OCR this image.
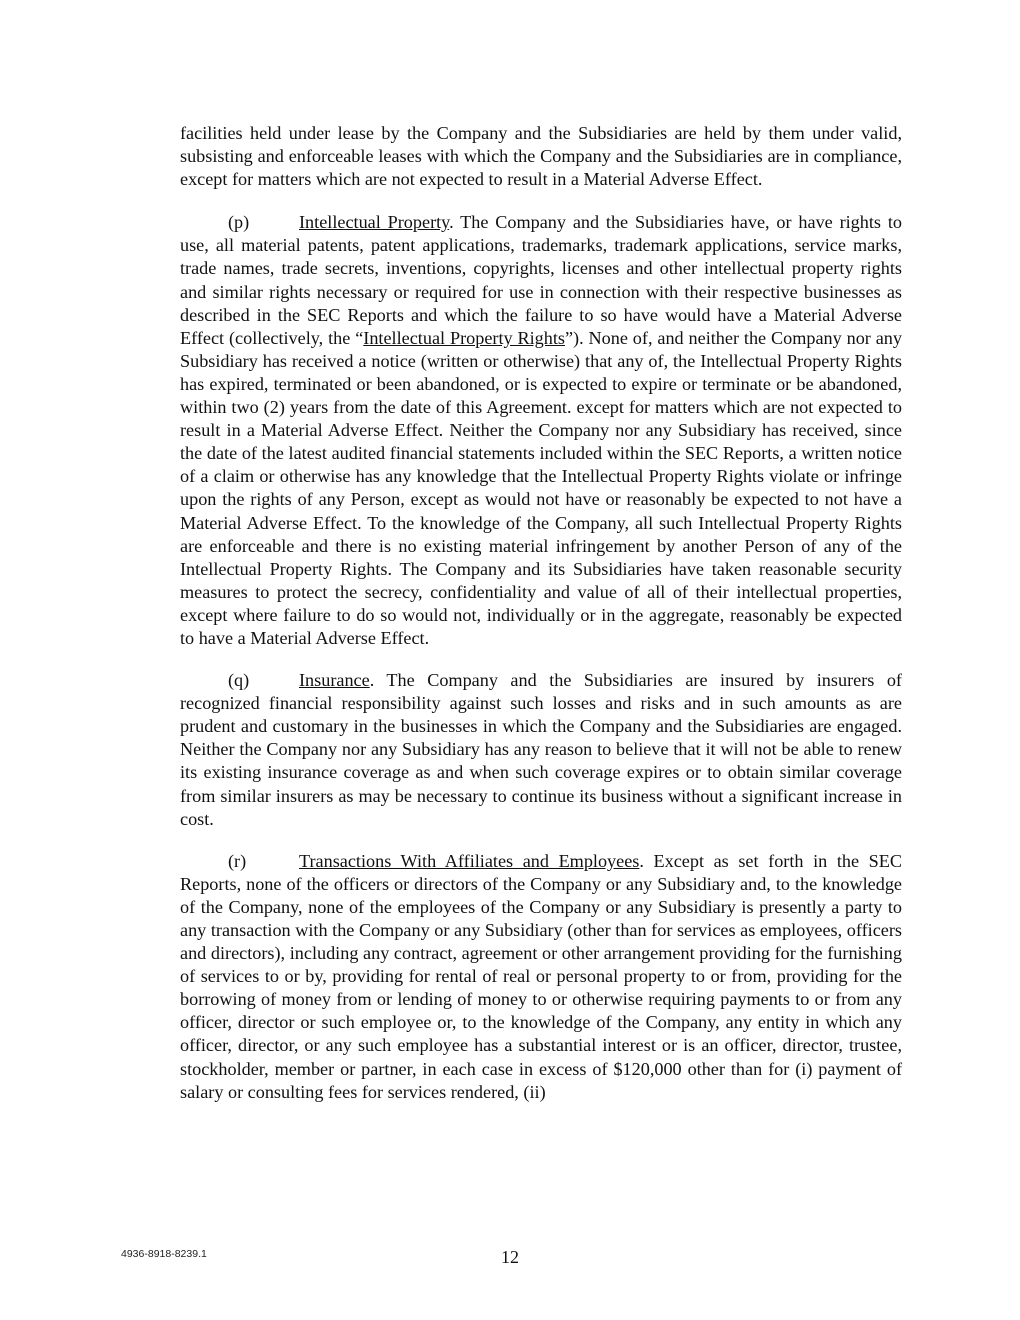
facilities held under lease by the Company and the Subsidiaries are held by them under valid, subsisting and enforceable leases with which the Company and the Subsidiaries are in compliance, except for matters which are not expected to result in a Material Adverse Effect.

(p)	Intellectual Property. The Company and the Subsidiaries have, or have rights to use, all material patents, patent applications, trademarks, trademark applications, service marks, trade names, trade secrets, inventions, copyrights, licenses and other intellectual property rights and similar rights necessary or required for use in connection with their respective businesses as described in the SEC Reports and which the failure to so have would have a Material Adverse Effect (collectively, the “Intellectual Property Rights”). None of, and neither the Company nor any Subsidiary has received a notice (written or otherwise) that any of, the Intellectual Property Rights has expired, terminated or been abandoned, or is expected to expire or terminate or be abandoned, within two (2) years from the date of this Agreement. except for matters which are not expected to result in a Material Adverse Effect. Neither the Company nor any Subsidiary has received, since the date of the latest audited financial statements included within the SEC Reports, a written notice of a claim or otherwise has any knowledge that the Intellectual Property Rights violate or infringe upon the rights of any Person, except as would not have or reasonably be expected to not have a Material Adverse Effect. To the knowledge of the Company, all such Intellectual Property Rights are enforceable and there is no existing material infringement by another Person of any of the Intellectual Property Rights. The Company and its Subsidiaries have taken reasonable security measures to protect the secrecy, confidentiality and value of all of their intellectual properties, except where failure to do so would not, individually or in the aggregate, reasonably be expected to have a Material Adverse Effect.

(q)	Insurance. The Company and the Subsidiaries are insured by insurers of recognized financial responsibility against such losses and risks and in such amounts as are prudent and customary in the businesses in which the Company and the Subsidiaries are engaged. Neither the Company nor any Subsidiary has any reason to believe that it will not be able to renew its existing insurance coverage as and when such coverage expires or to obtain similar coverage from similar insurers as may be necessary to continue its business without a significant increase in cost.

(r)	Transactions With Affiliates and Employees. Except as set forth in the SEC Reports, none of the officers or directors of the Company or any Subsidiary and, to the knowledge of the Company, none of the employees of the Company or any Subsidiary is presently a party to any transaction with the Company or any Subsidiary (other than for services as employees, officers and directors), including any contract, agreement or other arrangement providing for the furnishing of services to or by, providing for rental of real or personal property to or from, providing for the borrowing of money from or lending of money to or otherwise requiring payments to or from any officer, director or such employee or, to the knowledge of the Company, any entity in which any officer, director, or any such employee has a substantial interest or is an officer, director, trustee, stockholder, member or partner, in each case in excess of $120,000 other than for (i) payment of salary or consulting fees for services rendered, (ii)

4936-8918-8239.1	12
